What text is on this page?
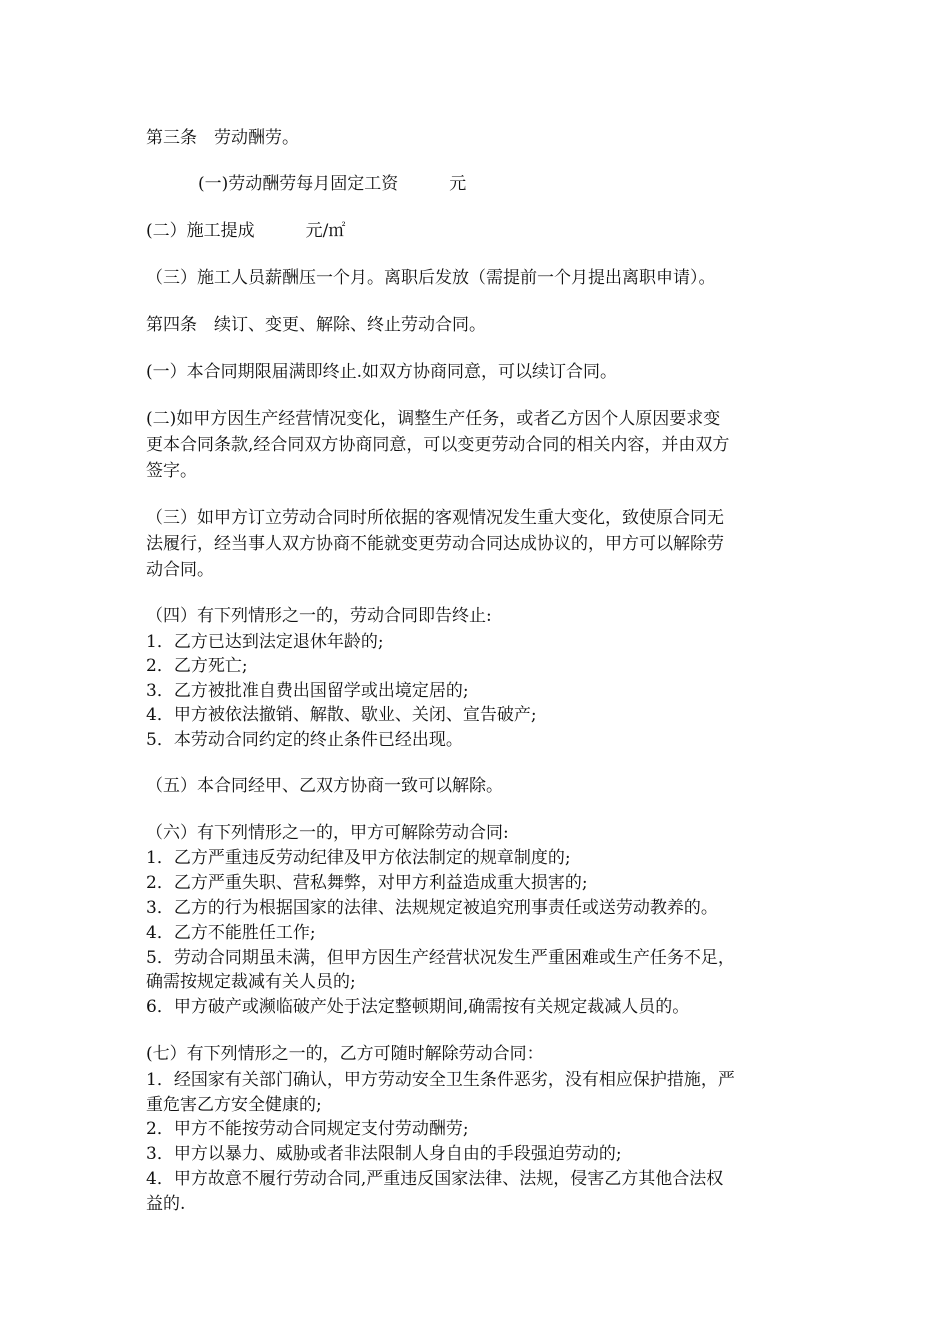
第三条　劳动酬劳。
(一)劳动酬劳每月固定工资　　　元
(二）施工提成　　　元/㎡
（三）施工人员薪酬压一个月。离职后发放（需提前一个月提出离职申请）。
第四条　续订、变更、解除、终止劳动合同。
(一）本合同期限届满即终止.如双方协商同意，可以续订合同。
(二)如甲方因生产经营情况变化，调整生产任务，或者乙方因个人原因要求变
更本合同条款,经合同双方协商同意，可以变更劳动合同的相关内容，并由双方
签字。
（三）如甲方订立劳动合同时所依据的客观情况发生重大变化，致使原合同无
法履行，经当事人双方协商不能就变更劳动合同达成协议的，甲方可以解除劳
动合同。
（四）有下列情形之一的，劳动合同即告终止:
1．乙方已达到法定退休年龄的;
2．乙方死亡;
3．乙方被批准自费出国留学或出境定居的;
4．甲方被依法撤销、解散、歇业、关闭、宣告破产;
5．本劳动合同约定的终止条件已经出现。
（五）本合同经甲、乙双方协商一致可以解除。
（六）有下列情形之一的，甲方可解除劳动合同:
1．乙方严重违反劳动纪律及甲方依法制定的规章制度的;
2．乙方严重失职、营私舞弊，对甲方利益造成重大损害的;
3．乙方的行为根据国家的法律、法规规定被追究刑事责任或送劳动教养的。
4．乙方不能胜任工作;
5．劳动合同期虽未满，但甲方因生产经营状况发生严重困难或生产任务不足，
确需按规定裁减有关人员的;
6．甲方破产或濒临破产处于法定整顿期间,确需按有关规定裁减人员的。
(七）有下列情形之一的，乙方可随时解除劳动合同：
1．经国家有关部门确认，甲方劳动安全卫生条件恶劣，没有相应保护措施，严
重危害乙方安全健康的;
2．甲方不能按劳动合同规定支付劳动酬劳;
3．甲方以暴力、威胁或者非法限制人身自由的手段强迫劳动的;
4．甲方故意不履行劳动合同,严重违反国家法律、法规，侵害乙方其他合法权
益的.
